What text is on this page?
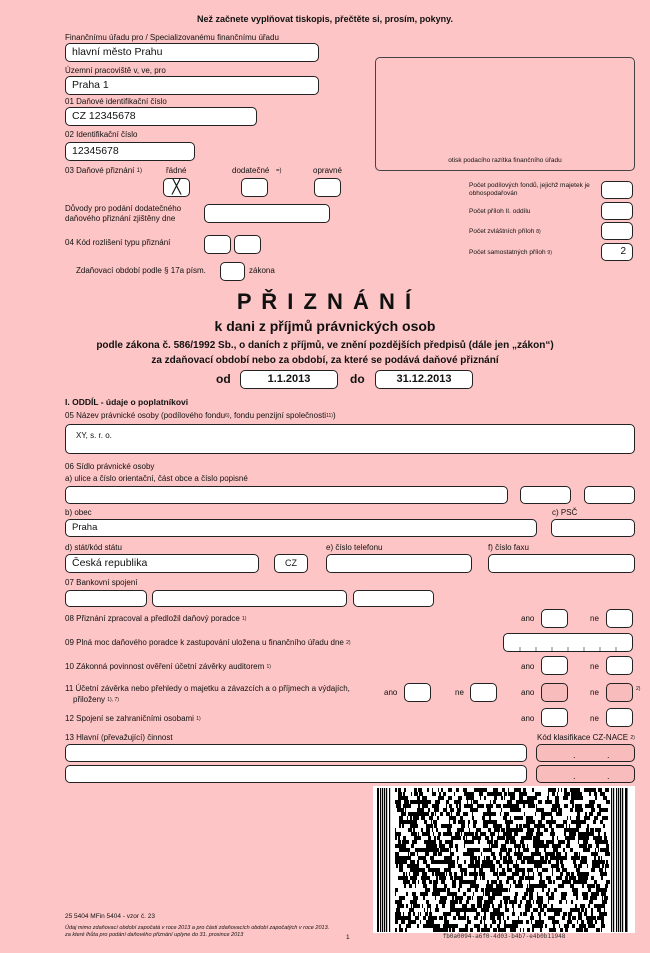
Než začnete vyplňovat tiskopis, přečtěte si, prosím, pokyny.
Finančnímu úřadu pro / Specializovanému finančnímu úřadu
hlavní město Prahu
Územní pracoviště v, ve, pro
Praha 1
01 Daňové identifikační číslo
CZ 12345678
02 Identifikační číslo
12345678
otisk podacího razítka finančního úřadu
03 Daňové přiznání $^{1)}$	řádné	dodatečné =)	opravné
╳	Počet podílových fondů, jejichž majetek je obhospodařován
Počet příloh II. oddílu
Počet zvláštních příloh $^{8)}$
Počet samostatných příloh $^{9)}$	2
Důvody pro podání dodatečného daňového přiznání zjištěny dne
04 Kód rozlišení typu přiznání
Zdaňovací období podle § 17a písm.	zákona
P Ř I Z N Á N Í
k dani z příjmů právnických osob
podle zákona č. 586/1992 Sb., o daních z příjmů, ve znění pozdějších předpisů (dále jen „zákon“)
za zdaňovací období nebo za období, za které se podává daňové přiznání
od	1.1.2013	do	31.12.2013
I. ODDÍL - údaje o poplatníkovi
05 Název právnické osoby (podílového fondu$^{6)}$, fondu penzijní společnosti$^{11)}$)
XY, s. r. o.
06 Sídlo právnické osoby
a) ulice a číslo orientační, část obce a číslo popisné
b) obec	c) PSČ
Praha
d) stát/kód státu	e) číslo telefonu	f) číslo faxu
Česká republika	CZ
07 Bankovní spojení
08 Přiznání zpracoval a předložil daňový poradce $^{1)}$	ano	ne
09 Plná moc daňového poradce k zastupování uložena u finančního úřadu dne $^{2)}$
10 Zákonná povinnost ověření účetní závěrky auditorem $^{1)}$	ano	ne
11 Účetní závěrka nebo přehledy o majetku a závazcích a o příjmech a výdajích,
přiloženy $^{1), 7)}$
ano	ne	ano	ne	2)
12 Spojení se zahraničními osobami $^{1)}$	ano	ne
13 Hlavní (převažující) činnost	Kód klasifikace CZ-NACE $^{2)}$
.	.
.	.
fb0a0094-a6f0-4d03-b4b7-e4b0b11948
25 5404 MFin 5404 - vzor č. 23
Údaj mimo zdaňovací období započatá v roce 2013 a pro části zdaňovacích období započatých v roce 2013.
za které lhůta pro podání daňového přiznání uplyne do 31. prosince 2013	1
